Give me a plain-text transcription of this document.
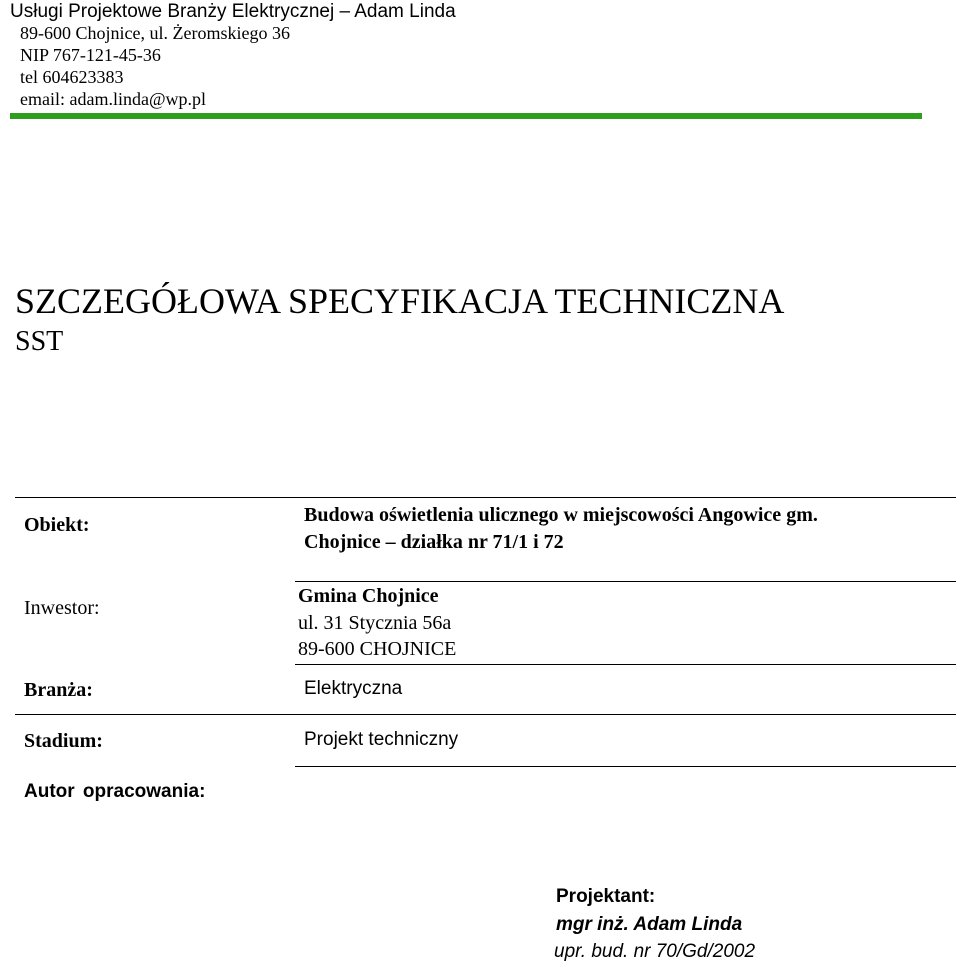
Usługi Projektowe Branży Elektrycznej – Adam Linda
89-600 Chojnice, ul. Żeromskiego 36
NIP 767-121-45-36
tel 604623383
email: adam.linda@wp.pl
SZCZEGÓŁOWA SPECYFIKACJA TECHNICZNA
SST
Obiekt:	Budowa oświetlenia ulicznego w miejscowości Angowice gm.
Chojnice – działka nr 71/1 i 72
Inwestor:
Gmina Chojnice
ul. 31 Stycznia 56a
89-600 CHOJNICE
Branża:	Elektryczna
Stadium:	Projekt techniczny
Autor opracowania:
Projektant:
mgr inż. Adam Linda
upr. bud. nr 70/Gd/2002
